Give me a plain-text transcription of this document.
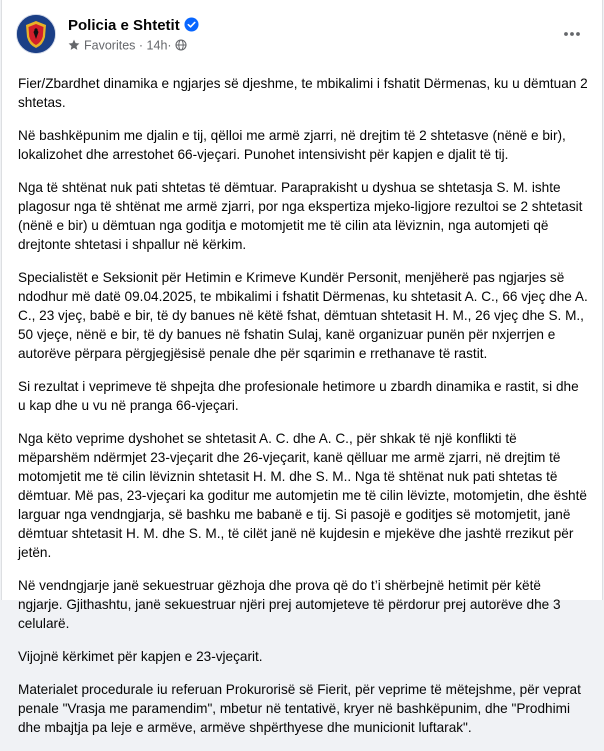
Policia e Shtetit
Favorites · 14h·

Fier/Zbardhet dinamika e ngjarjes së djeshme, te mbikalimi i fshatit Dërmenas, ku u dëmtuan 2 shtetas.

Në bashkëpunim me djalin e tij, qëlloi me armë zjarri, në drejtim të 2 shtetasve (nënë e bir), lokalizohet dhe arrestohet 66-vjeçari. Punohet intensivisht për kapjen e djalit të tij.

Nga të shtënat nuk pati shtetas të dëmtuar. Paraprakisht u dyshua se shtetasja S. M. ishte plagosur nga të shtënat me armë zjarri, por nga ekspertiza mjeko-ligjore rezultoi se 2 shtetasit (nënë e bir) u dëmtuan nga goditja e motomjetit me të cilin ata lëviznin, nga automjeti që drejtonte shtetasi i shpallur në kërkim.

Specialistët e Seksionit për Hetimin e Krimeve Kundër Personit, menjëherë pas ngjarjes së ndodhur më datë 09.04.2025, te mbikalimi i fshatit Dërmenas, ku shtetasit A. C., 66 vjeç dhe A. C., 23 vjeç, babë e bir, të dy banues në këtë fshat, dëmtuan shtetasit H. M., 26 vjeç dhe S. M., 50 vjeçe, nënë e bir, të dy banues në fshatin Sulaj, kanë organizuar punën për nxjerrjen e autorëve përpara përgjegjësisë penale dhe për sqarimin e rrethanave të rastit.

Si rezultat i veprimeve të shpejta dhe profesionale hetimore u zbardh dinamika e rastit, si dhe u kap dhe u vu në pranga 66-vjeçari.

Nga këto veprime dyshohet se shtetasit A. C. dhe A. C., për shkak të një konflikti të mëparshëm ndërmjet 23-vjeçarit dhe 26-vjeçarit, kanë qëlluar me armë zjarri, në drejtim të motomjetit me të cilin lëviznin shtetasit H. M. dhe S. M.. Nga të shtënat nuk pati shtetas të dëmtuar. Më pas, 23-vjeçari ka goditur me automjetin me të cilin lëvizte, motomjetin, dhe është larguar nga vendngjarja, së bashku me babanë e tij. Si pasojë e goditjes së motomjetit, janë dëmtuar shtetasit H. M. dhe S. M., të cilët janë në kujdesin e mjekëve dhe jashtë rrezikut për jetën.

Në vendngjarje janë sekuestruar gëzhoja dhe prova që do t’i shërbejnë hetimit për këtë ngjarje. Gjithashtu, janë sekuestruar njëri prej automjeteve të përdorur prej autorëve dhe 3 celularë.

Vijojnë kërkimet për kapjen e 23-vjeçarit.

Materialet procedurale iu referuan Prokurorisë së Fierit, për veprime të mëtejshme, për veprat penale "Vrasja me paramendim", mbetur në tentativë, kryer në bashkëpunim, dhe "Prodhimi dhe mbajtja pa leje e armëve, armëve shpërthyese dhe municionit luftarak".
